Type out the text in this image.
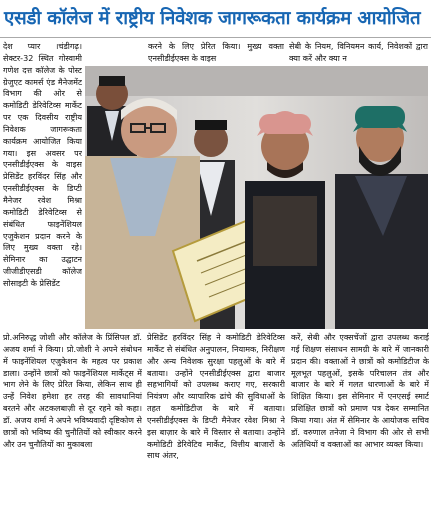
एसडी कॉलेज में राष्ट्रीय निवेशक जागरूकता कार्यक्रम आयोजित

देश प्यार ।चंडीगढ़। सेक्टर-32 स्थित गोस्वामी गणेश दत्त कॉलेज के पोस्ट ग्रेजुएट कामर्स एंड मैनेजमेंट विभाग की ओर से कमोडिटी डेरिवेटिव्स मार्केट पर एक दिवसीय राष्ट्रीय निवेशक जागरूकता कार्यक्रम आयोजित किया गया। इस अवसर पर एनसीडीईएक्स के वाइस प्रेसिडेंट हरविंदर सिंह और एनसीडीईएक्स के डिप्टी मैनेजर रवेश मिश्रा कमोडिटी डेरिवेटिव्स से संबंधित फाइनेंशियल एजुकेशन प्रदान करने के लिए मुख्य वक्ता रहे। सेमिनार का उद्घाटन जीजीडीएसडी कॉलेज सोसाइटी के प्रेसिडेंट

करने के लिए प्रेरित किया। मुख्य वक्ता एनसीडीईएक्स के वाइस

सेबी के नियम, विनियमन कार्य, निवेशकों द्वारा क्या करें और क्या न

प्रो.अनिरुद्ध जोशी और कॉलेज के प्रिंसिपल डॉ. अजय शर्मा ने किया। प्रो.जोशी ने अपने संबोधन में फाइनेंशियल एजुकेशन के महत्व पर प्रकाश डाला। उन्होंने छात्रों को फाइनेंशियल मार्केट्स में भाग लेने के लिए प्रेरित किया, लेकिन साथ ही उन्हें निवेश हमेशा हर तरह की सावधानियां बरतने और अटकलबाज़ी से दूर रहने को कहा। डॉ. अजय शर्मा ने अपने भविष्यवादी दृष्टिकोण से छात्रों को भविष्य की चुनौतियों को स्वीकार करने और उन चुनौतियों का मुकाबला

प्रेसिडेंट हरविंदर सिंह ने कमोडिटी डेरिवेटिव्स मार्केट से संबंधित अनुपालन, नियामक, निरीक्षण और अन्य निवेशक सुरक्षा पहलुओं के बारे में बताया। उन्होंने एनसीडीईएक्स द्वारा बाजार सहभागियों को उपलब्ध कराए गए, सरकारी नियंत्रण और व्यापारिक ढांचे की सुविधाओं के तहत कमोडिटीज के बारे में बताया। एनसीडीईएक्स के डिप्टी मैनेजर रवेश मिश्रा ने इस बाज़ार के बारे में विस्तार से बताया। उन्होंने कमोडिटी डेरिवेटिव मार्केट, वित्तीय बाजारों के साथ अंतर,

करें, सेबी और एक्सचेंजों द्वारा उपलब्ध कराई गई शिक्षण संसाधन सामग्री के बारे में जानकारी प्रदान की। वक्ताओं ने छात्रों को कमोडिटीज के मूलभूत पहलुओं, इसके परिचालन तंत्र और बाजार के बारे में गलत धारणाओं के बारे में शिक्षित किया। इस सेमिनार में एनएसई स्मार्ट प्रशिक्षित छात्रों को प्रमाण पत्र देकर सम्मानित किया गया। अंत में सेमिनार के आयोजक सचिव डॉ. वरुणाल तनेजा ने विभाग की ओर से सभी अतिथियों व वक्ताओं का आभार व्यक्त किया।
